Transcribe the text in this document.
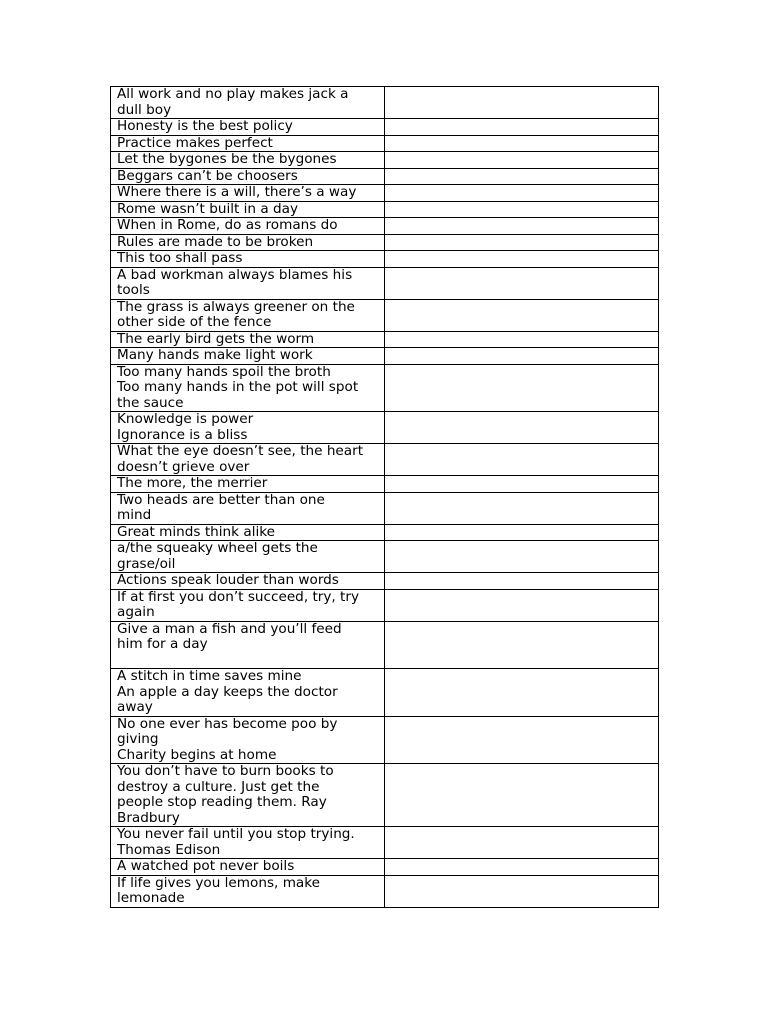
All work and no play makes jack a
dull boy	

Honesty is the best policy	

Practice makes perfect	

Let the bygones be the bygones	

Beggars can’t be choosers	

Where there is a will, there’s a way	

Rome wasn’t built in a day	

When in Rome, do as romans do	

Rules are made to be broken	

This too shall pass	

A bad workman always blames his
tools	

The grass is always greener on the
other side of the fence	

The early bird gets the worm	

Many hands make light work	

Too many hands spoil the broth
Too many hands in the pot will spot
the sauce	

Knowledge is power
Ignorance is a bliss	

What the eye doesn’t see, the heart
doesn’t grieve over	

The more, the merrier	

Two heads are better than one
mind	

Great minds think alike	

a/the squeaky wheel gets the
grase/oil	

Actions speak louder than words	

If at first you don’t succeed, try, try
again	

Give a man a fish and you’ll feed
him for a day	

A stitch in time saves mine
An apple a day keeps the doctor
away	

No one ever has become poo by
giving
Charity begins at home	

You don’t have to burn books to
destroy a culture. Just get the
people stop reading them. Ray
Bradbury	

You never fail until you stop trying.
Thomas Edison	

A watched pot never boils	

If life gives you lemons, make
lemonade	
